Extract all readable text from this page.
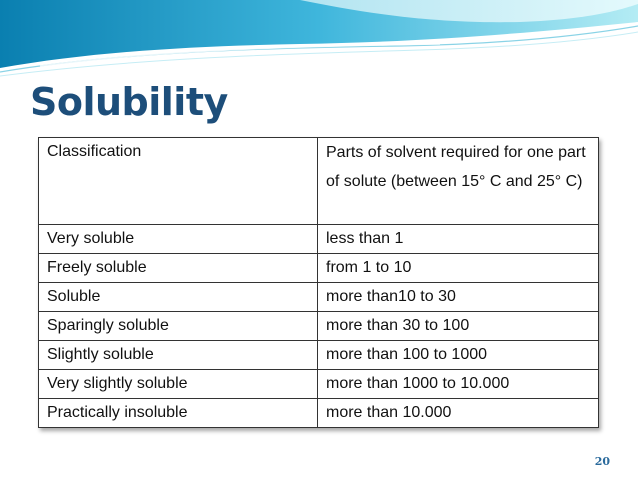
Solubility
Classification	Parts of solvent required for one part of solute (between 15° C and 25° C)
Very soluble	less than 1
Freely soluble	from 1 to 10
Soluble	more than10 to 30
Sparingly soluble	more than 30 to 100
Slightly soluble	more than 100 to 1000
Very slightly soluble	more than 1000 to 10.000
Practically insoluble	more than 10.000
20
